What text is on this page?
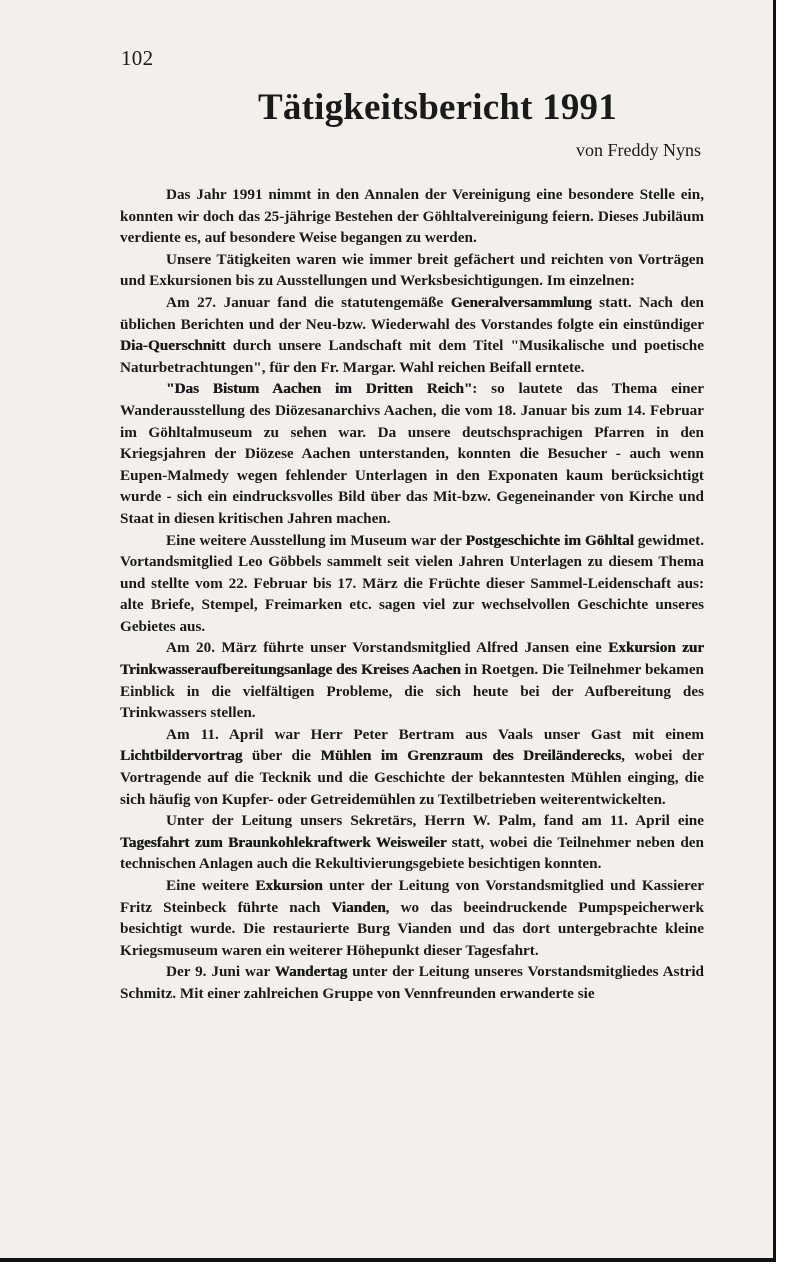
102
Tätigkeitsbericht 1991
von Freddy Nyns

Das Jahr 1991 nimmt in den Annalen der Vereinigung eine besondere Stelle ein, konnten wir doch das 25-jährige Bestehen der Göhltalvereinigung feiern. Dieses Jubiläum verdiente es, auf besondere Weise begangen zu werden.

Unsere Tätigkeiten waren wie immer breit gefächert und reichten von Vorträgen und Exkursionen bis zu Ausstellungen und Werksbesichtigungen. Im einzelnen:

Am 27. Januar fand die statutengemäße Generalversammlung statt. Nach den üblichen Berichten und der Neu-bzw. Wiederwahl des Vorstandes folgte ein einstündiger Dia-Querschnitt durch unsere Landschaft mit dem Titel "Musikalische und poetische Naturbetrachtungen", für den Fr. Margar. Wahl reichen Beifall erntete.

"Das Bistum Aachen im Dritten Reich": so lautete das Thema einer Wanderausstellung des Diözesanarchivs Aachen, die vom 18. Januar bis zum 14. Februar im Göhltalmuseum zu sehen war. Da unsere deutschsprachigen Pfarren in den Kriegsjahren der Diözese Aachen unterstanden, konnten die Besucher - auch wenn Eupen-Malmedy wegen fehlender Unterlagen in den Exponaten kaum berücksichtigt wurde - sich ein eindrucksvolles Bild über das Mit-bzw. Gegeneinander von Kirche und Staat in diesen kritischen Jahren machen.

Eine weitere Ausstellung im Museum war der Postgeschichte im Göhltal gewidmet. Vortandsmitglied Leo Göbbels sammelt seit vielen Jahren Unterlagen zu diesem Thema und stellte vom 22. Februar bis 17. März die Früchte dieser Sammel-Leidenschaft aus: alte Briefe, Stempel, Freimarken etc. sagen viel zur wechselvollen Geschichte unseres Gebietes aus.

Am 20. März führte unser Vorstandsmitglied Alfred Jansen eine Exkursion zur Trinkwasseraufbereitungsanlage des Kreises Aachen in Roetgen. Die Teilnehmer bekamen Einblick in die vielfältigen Probleme, die sich heute bei der Aufbereitung des Trinkwassers stellen.

Am 11. April war Herr Peter Bertram aus Vaals unser Gast mit einem Lichtbildervortrag über die Mühlen im Grenzraum des Dreiländerecks, wobei der Vortragende auf die Tecknik und die Geschichte der bekanntesten Mühlen einging, die sich häufig von Kupfer- oder Getreidemühlen zu Textilbetrieben weiterentwickelten.

Unter der Leitung unsers Sekretärs, Herrn W. Palm, fand am 11. April eine Tagesfahrt zum Braunkohlekraftwerk Weisweiler statt, wobei die Teilnehmer neben den technischen Anlagen auch die Rekultivierungsgebiete besichtigen konnten.

Eine weitere Exkursion unter der Leitung von Vorstandsmitglied und Kassierer Fritz Steinbeck führte nach Vianden, wo das beeindruckende Pumpspeicherwerk besichtigt wurde. Die restaurierte Burg Vianden und das dort untergebrachte kleine Kriegsmuseum waren ein weiterer Höhepunkt dieser Tagesfahrt.

Der 9. Juni war Wandertag unter der Leitung unseres Vorstandsmitgliedes Astrid Schmitz. Mit einer zahlreichen Gruppe von Vennfreunden erwanderte sie
